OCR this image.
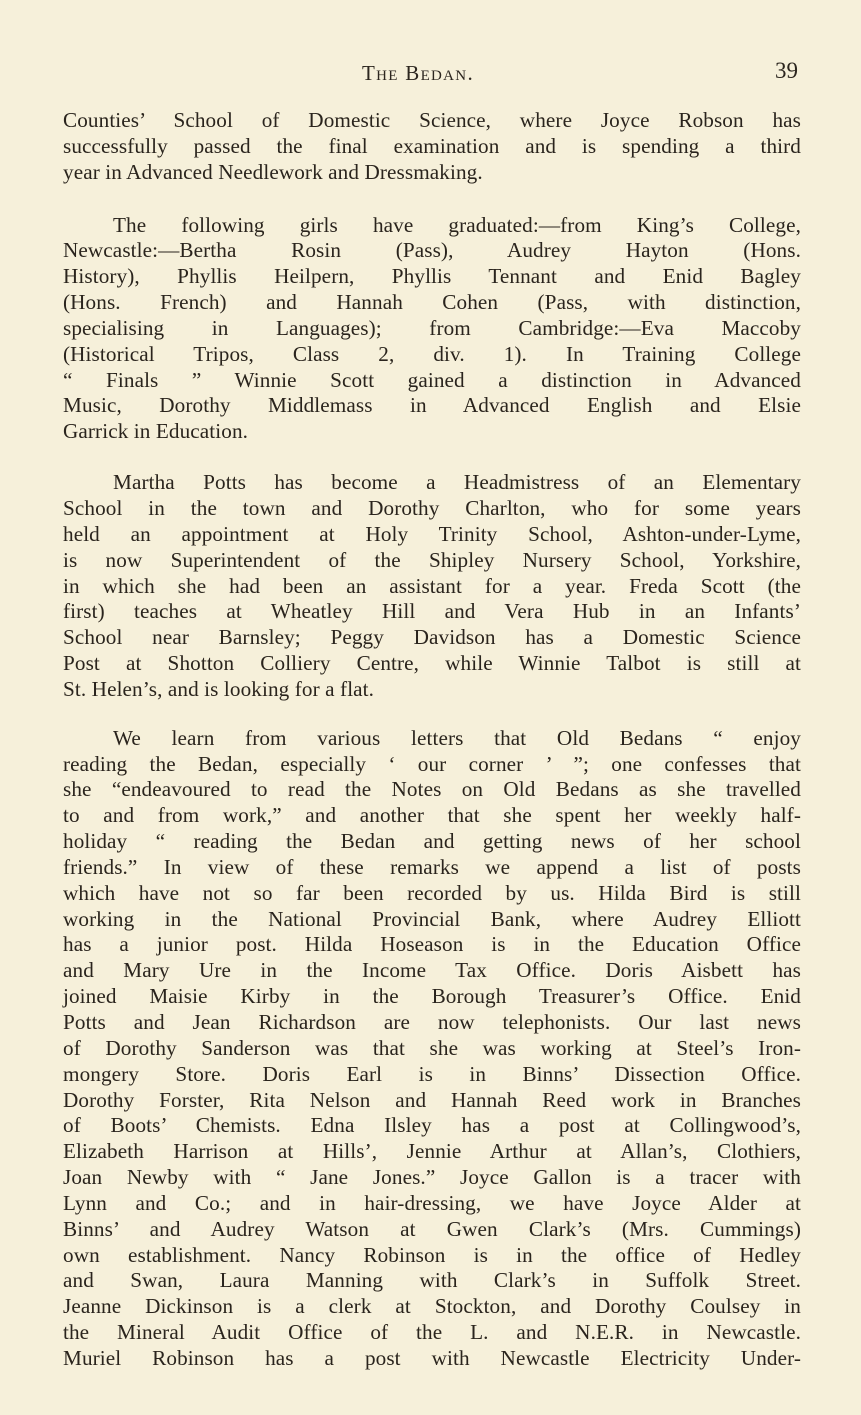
The Bedan.	39
Counties’ School of Domestic Science, where Joyce Robson has
successfully passed the final examination and is spending a third
year in Advanced Needlework and Dressmaking.
The following girls have graduated:—from King’s College,
Newcastle:—Bertha Rosin (Pass), Audrey Hayton (Hons.
History), Phyllis Heilpern, Phyllis Tennant and Enid Bagley
(Hons. French) and Hannah Cohen (Pass, with distinction,
specialising in Languages); from Cambridge:—Eva Maccoby
(Historical Tripos, Class 2, div. 1). In Training College
“ Finals ” Winnie Scott gained a distinction in Advanced
Music, Dorothy Middlemass in Advanced English and Elsie
Garrick in Education.
Martha Potts has become a Headmistress of an Elementary
School in the town and Dorothy Charlton, who for some years
held an appointment at Holy Trinity School, Ashton-under-Lyme,
is now Superintendent of the Shipley Nursery School, Yorkshire,
in which she had been an assistant for a year. Freda Scott (the
first) teaches at Wheatley Hill and Vera Hub in an Infants’
School near Barnsley; Peggy Davidson has a Domestic Science
Post at Shotton Colliery Centre, while Winnie Talbot is still at
St. Helen’s, and is looking for a flat.
We learn from various letters that Old Bedans “ enjoy
reading the Bedan, especially ‘ our corner ’ ”; one confesses that
she “endeavoured to read the Notes on Old Bedans as she travelled
to and from work,” and another that she spent her weekly half-
holiday “ reading the Bedan and getting news of her school
friends.” In view of these remarks we append a list of posts
which have not so far been recorded by us. Hilda Bird is still
working in the National Provincial Bank, where Audrey Elliott
has a junior post. Hilda Hoseason is in the Education Office
and Mary Ure in the Income Tax Office. Doris Aisbett has
joined Maisie Kirby in the Borough Treasurer’s Office. Enid
Potts and Jean Richardson are now telephonists. Our last news
of Dorothy Sanderson was that she was working at Steel’s Iron-
mongery Store. Doris Earl is in Binns’ Dissection Office.
Dorothy Forster, Rita Nelson and Hannah Reed work in Branches
of Boots’ Chemists. Edna Ilsley has a post at Collingwood’s,
Elizabeth Harrison at Hills’, Jennie Arthur at Allan’s, Clothiers,
Joan Newby with “ Jane Jones.” Joyce Gallon is a tracer with
Lynn and Co.; and in hair-dressing, we have Joyce Alder at
Binns’ and Audrey Watson at Gwen Clark’s (Mrs. Cummings)
own establishment. Nancy Robinson is in the office of Hedley
and Swan, Laura Manning with Clark’s in Suffolk Street.
Jeanne Dickinson is a clerk at Stockton, and Dorothy Coulsey in
the Mineral Audit Office of the L. and N.E.R. in Newcastle.
Muriel Robinson has a post with Newcastle Electricity Under-
